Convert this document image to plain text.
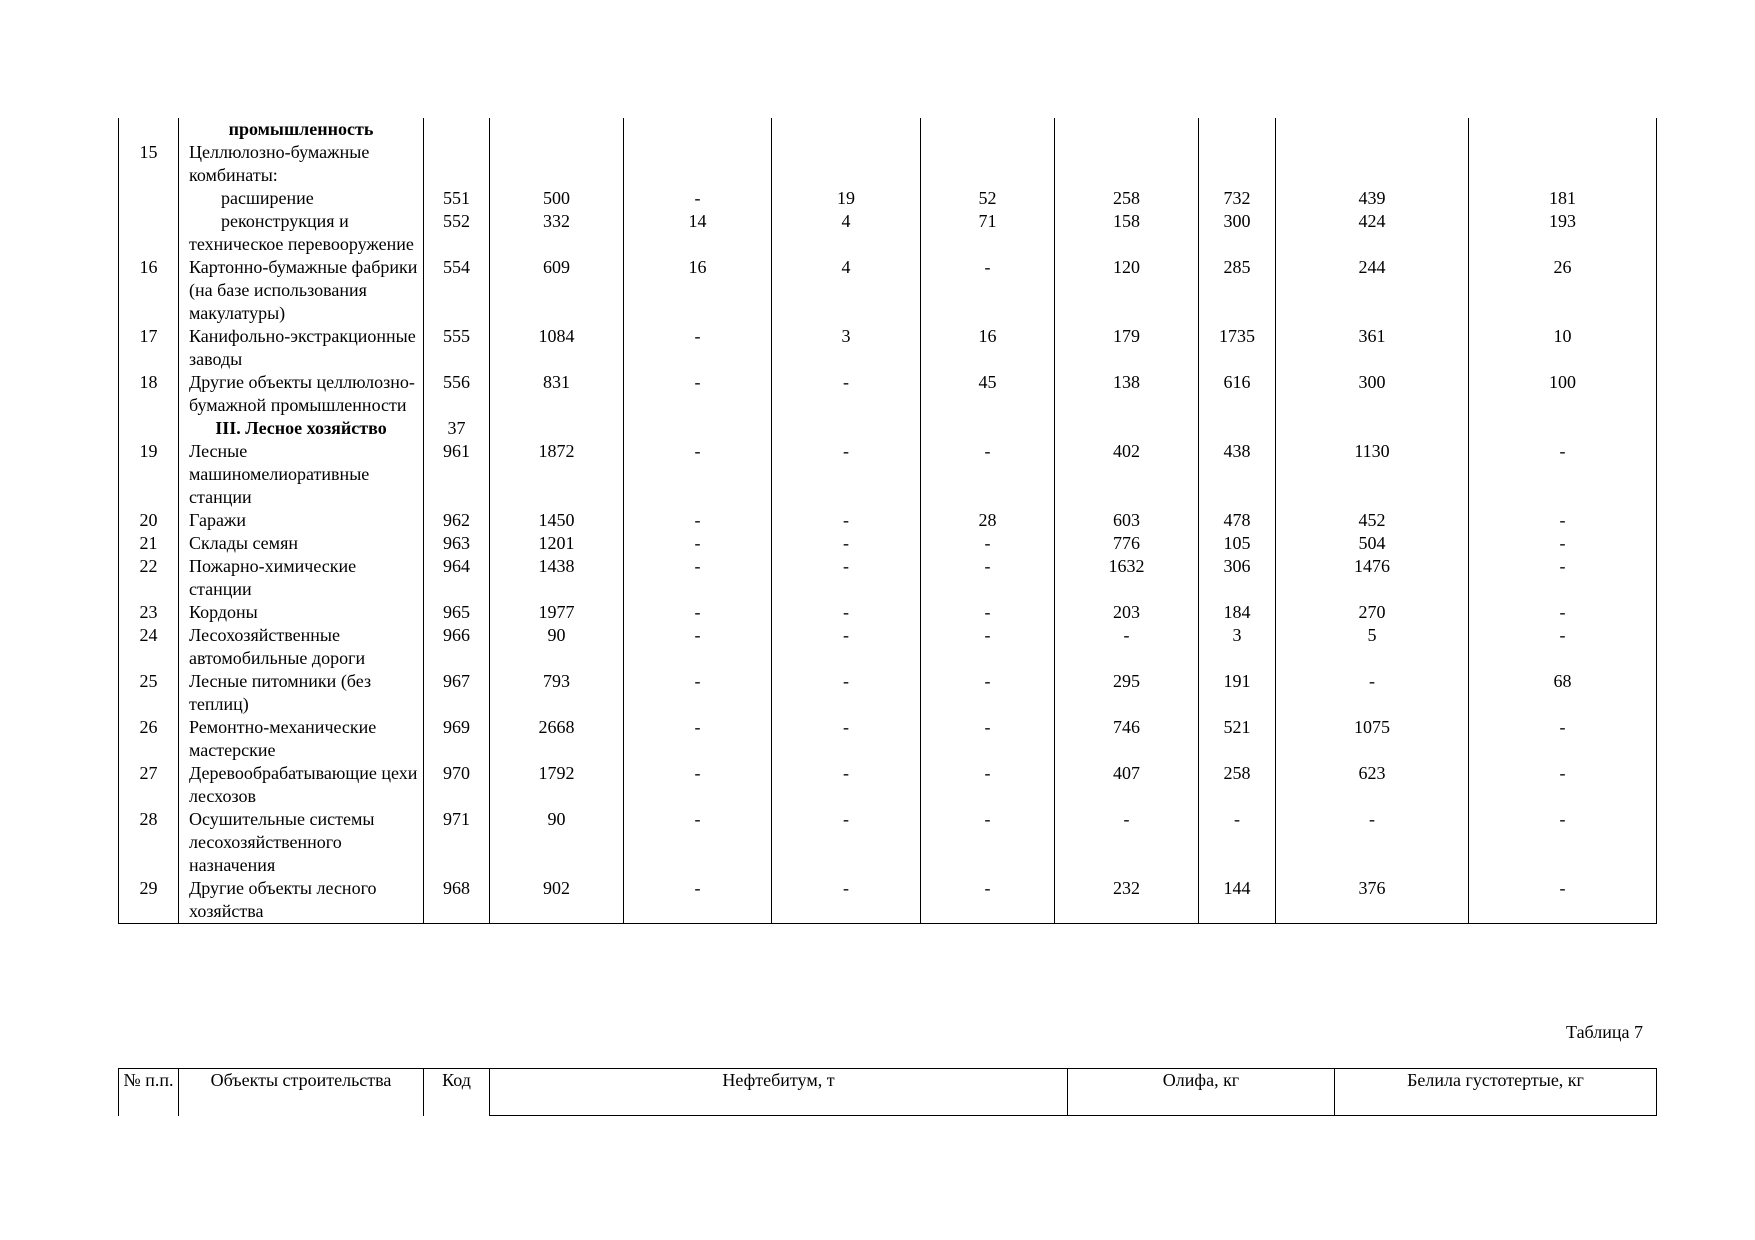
	промышленность									
15	Целлюлозно-бумажные комбинаты:									
	расширение	551	500	-	19	52	258	732	439	181
	реконструкция и техническое перевооружение	552	332	14	4	71	158	300	424	193
16	Картонно-бумажные фабрики (на базе использования макулатуры)	554	609	16	4	-	120	285	244	26
17	Канифольно-экстракционные заводы	555	1084	-	3	16	179	1735	361	10
18	Другие объекты целлюлозно-бумажной промышленности	556	831	-	-	45	138	616	300	100
	III. Лесное хозяйство	37								
19	Лесные машиномелиоративные станции	961	1872	-	-	-	402	438	1130	-
20	Гаражи	962	1450	-	-	28	603	478	452	-
21	Склады семян	963	1201	-	-	-	776	105	504	-
22	Пожарно-химические станции	964	1438	-	-	-	1632	306	1476	-
23	Кордоны	965	1977	-	-	-	203	184	270	-
24	Лесохозяйственные автомобильные дороги	966	90	-	-	-	-	3	5	-
25	Лесные питомники (без теплиц)	967	793	-	-	-	295	191	-	68
26	Ремонтно-механические мастерские	969	2668	-	-	-	746	521	1075	-
27	Деревообрабатывающие цехи лесхозов	970	1792	-	-	-	407	258	623	-
28	Осушительные системы лесохозяйственного назначения	971	90	-	-	-	-	-	-	-
29	Другие объекты лесного хозяйства	968	902	-	-	-	232	144	376	-
Таблица 7
№ п.п.	Объекты строительства	Код	Нефтебитум, т	Олифа, кг	Белила густотертые, кг
